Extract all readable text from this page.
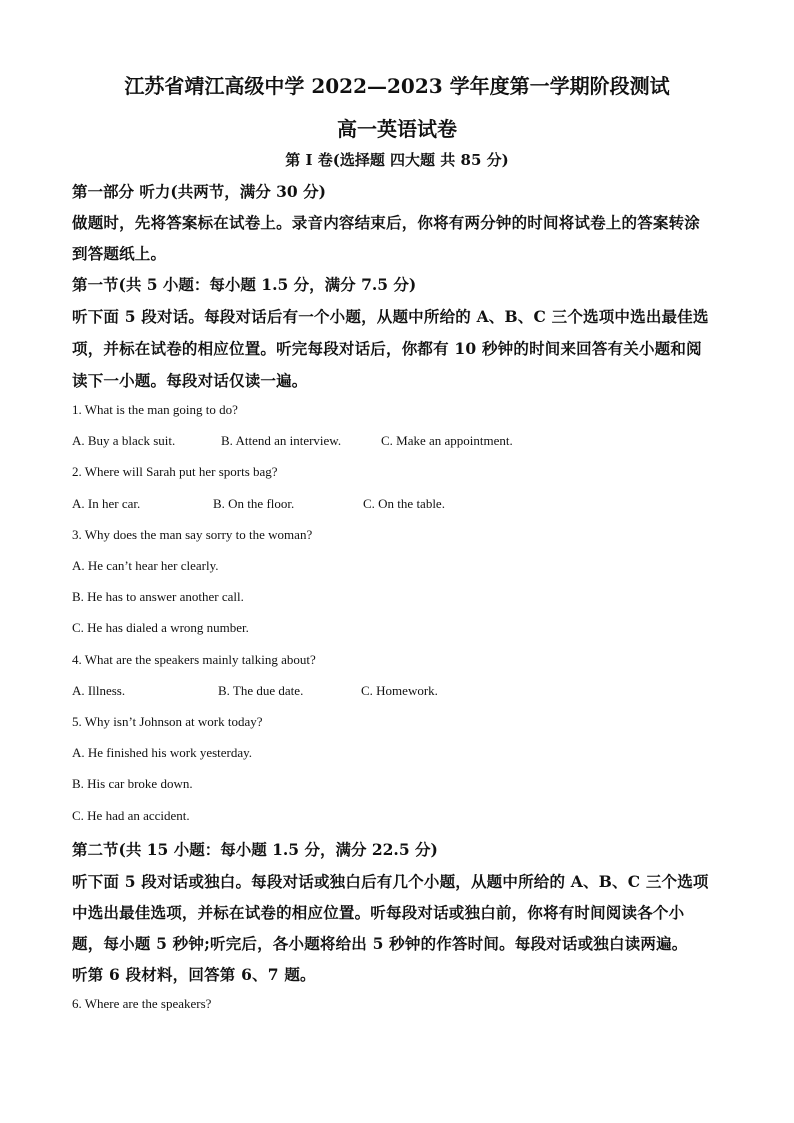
江苏省靖江高级中学 2022—2023 学年度第一学期阶段测试
高一英语试卷
第 I 卷(选择题 四大题 共 85 分)
第一部分 听力(共两节，满分 30 分)
做题时，先将答案标在试卷上。录音内容结束后，你将有两分钟的时间将试卷上的答案转涂
到答题纸上。
第一节(共 5 小题：每小题 1.5 分，满分 7.5 分)
听下面 5 段对话。每段对话后有一个小题，从题中所给的 A、B、C 三个选项中选出最佳选
项，并标在试卷的相应位置。听完每段对话后，你都有 10 秒钟的时间来回答有关小题和阅
读下一小题。每段对话仅读一遍。
1. What is the man going to do?
A. Buy a black suit.	B. Attend an interview.	C. Make an appointment.
2. Where will Sarah put her sports bag?
A. In her car.	B. On the floor.	C. On the table.
3. Why does the man say sorry to the woman?
A. He can’t hear her clearly.
B. He has to answer another call.
C. He has dialed a wrong number.
4. What are the speakers mainly talking about?
A. Illness.	B. The due date.	C. Homework.
5. Why isn’t Johnson at work today?
A. He finished his work yesterday.
B. His car broke down.
C. He had an accident.
第二节(共 15 小题：每小题 1.5 分，满分 22.5 分)
听下面 5 段对话或独白。每段对话或独白后有几个小题，从题中所给的 A、B、C 三个选项
中选出最佳选项，并标在试卷的相应位置。听每段对话或独白前，你将有时间阅读各个小
题，每小题 5 秒钟;听完后，各小题将给出 5 秒钟的作答时间。每段对话或独白读两遍。
听第 6 段材料，回答第 6、7 题。
6. Where are the speakers?
